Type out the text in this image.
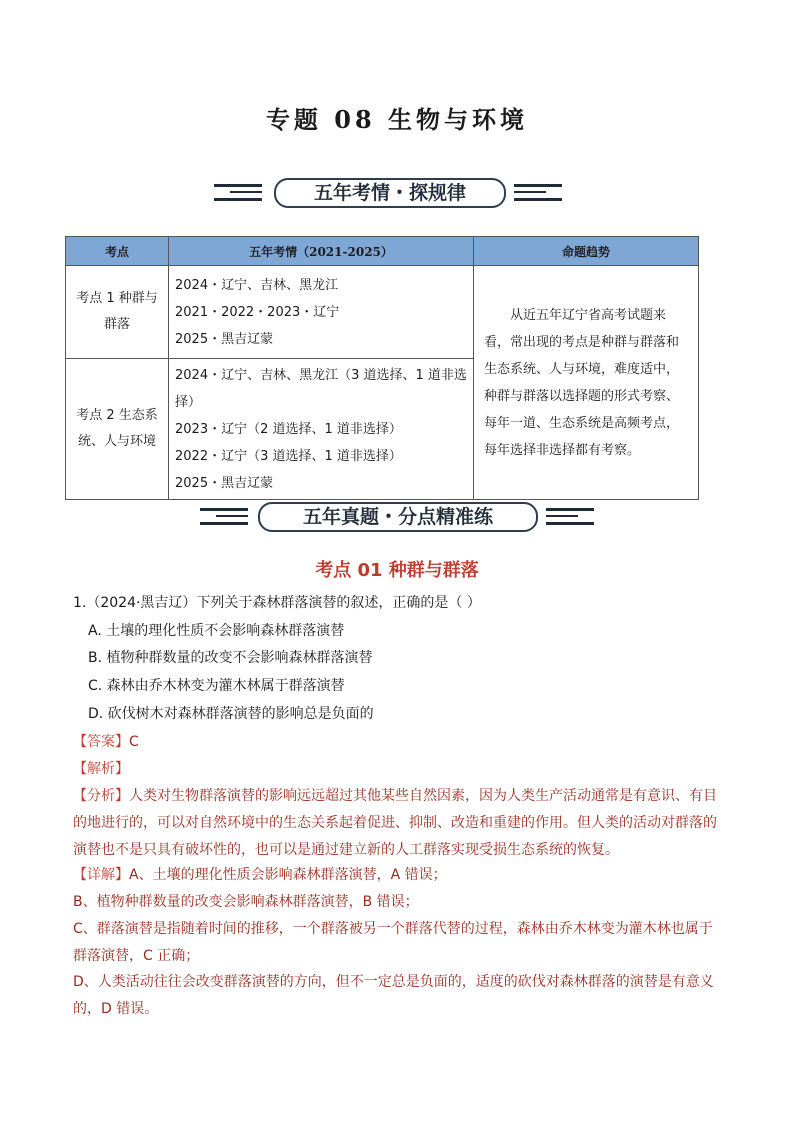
专题 08 生物与环境
五年考情・探规律
考点	五年考情（2021-2025）	命题趋势
考点 1 种群与群落	2024・辽宁、吉林、黑龙江
2021・2022・2023・辽宁
2025・黑吉辽蒙	从近五年辽宁省高考试题来看，常出现的考点是种群与群落和生态系统、人与环境，难度适中，种群与群落以选择题的形式考察、每年一道、生态系统是高频考点，每年选择非选择都有考察。
考点 2 生态系统、人与环境	2024・辽宁、吉林、黑龙江（3 道选择、1 道非选择）
2023・辽宁（2 道选择、1 道非选择）
2022・辽宁（3 道选择、1 道非选择）
2025・黑吉辽蒙	
五年真题・分点精准练
考点 01 种群与群落
1.（2024·黑吉辽）下列关于森林群落演替的叙述，正确的是（ ）
A. 土壤的理化性质不会影响森林群落演替
B. 植物种群数量的改变不会影响森林群落演替
C. 森林由乔木林变为灌木林属于群落演替
D. 砍伐树木对森林群落演替的影响总是负面的
【答案】C
【解析】
【分析】人类对生物群落演替的影响远远超过其他某些自然因素，因为人类生产活动通常是有意识、有目的地进行的，可以对自然环境中的生态关系起着促进、抑制、改造和重建的作用。但人类的活动对群落的演替也不是只具有破坏性的，也可以是通过建立新的人工群落实现受损生态系统的恢复。
【详解】A、土壤的理化性质会影响森林群落演替，A 错误；
B、植物种群数量的改变会影响森林群落演替，B 错误；
C、群落演替是指随着时间的推移，一个群落被另一个群落代替的过程，森林由乔木林变为灌木林也属于群落演替，C 正确；
D、人类活动往往会改变群落演替的方向，但不一定总是负面的，适度的砍伐对森林群落的演替是有意义的，D 错误。
